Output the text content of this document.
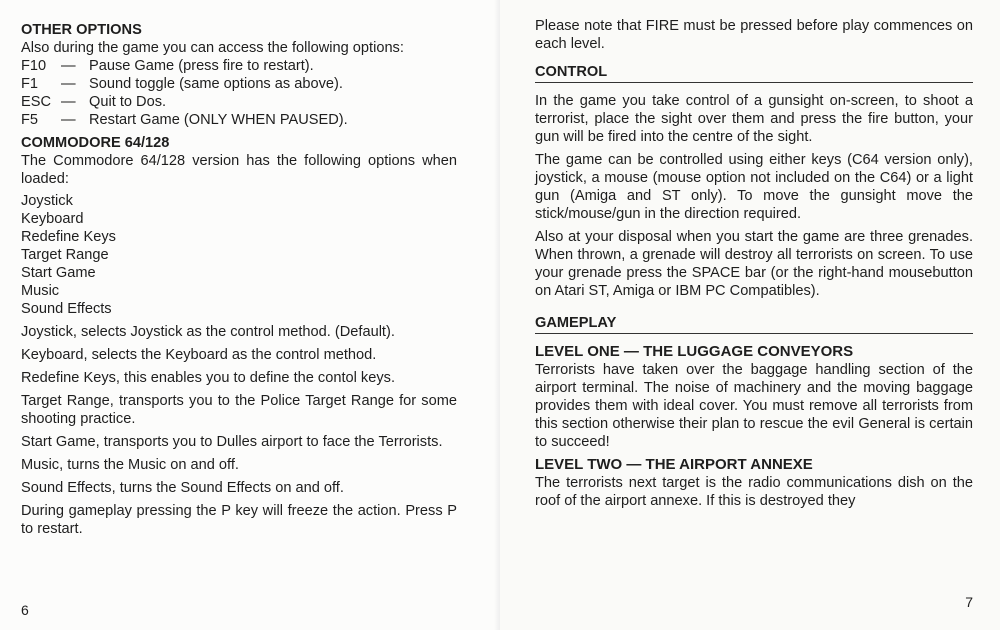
OTHER OPTIONS

Also during the game you can access the following options:

F10	— Pause Game (press fire to restart).
F1	— Sound toggle (same options as above).
ESC — Quit to Dos.
F5	— Restart Game (ONLY WHEN PAUSED).
COMMODORE 64/128

The Commodore 64/128 version has the following options when loaded:

Joystick
Keyboard
Redefine Keys
Target Range
Start Game
Music
Sound Effects

Joystick, selects Joystick as the control method. (Default).

Keyboard, selects the Keyboard as the control method.

Redefine Keys, this enables you to define the contol keys.

Target Range, transports you to the Police Target Range for some shooting practice.

Start Game, transports you to Dulles airport to face the Terrorists.

Music, turns the Music on and off.

Sound Effects, turns the Sound Effects on and off.

During gameplay pressing the P key will freeze the action. Press P to restart.

6

Please note that FIRE must be pressed before play commences on each level.

CONTROL

In the game you take control of a gunsight on-screen, to shoot a terrorist, place the sight over them and press the fire button, your gun will be fired into the centre of the sight.

The game can be controlled using either keys (C64 version only), joystick, a mouse (mouse option not included on the C64) or a light gun (Amiga and ST only). To move the gunsight move the stick/mouse/gun in the direction required.

Also at your disposal when you start the game are three grenades. When thrown, a grenade will destroy all terrorists on screen. To use your grenade press the SPACE bar (or the right-hand mousebutton on Atari ST, Amiga or IBM PC Compatibles).

GAMEPLAY
LEVEL ONE — THE LUGGAGE CONVEYORS

Terrorists have taken over the baggage handling section of the airport terminal. The noise of machinery and the moving baggage provides them with ideal cover. You must remove all terrorists from this section otherwise their plan to rescue the evil General is certain to succeed!

LEVEL TWO — THE AIRPORT ANNEXE

The terrorists next target is the radio communications dish on the roof of the airport annexe. If this is destroyed they

7
